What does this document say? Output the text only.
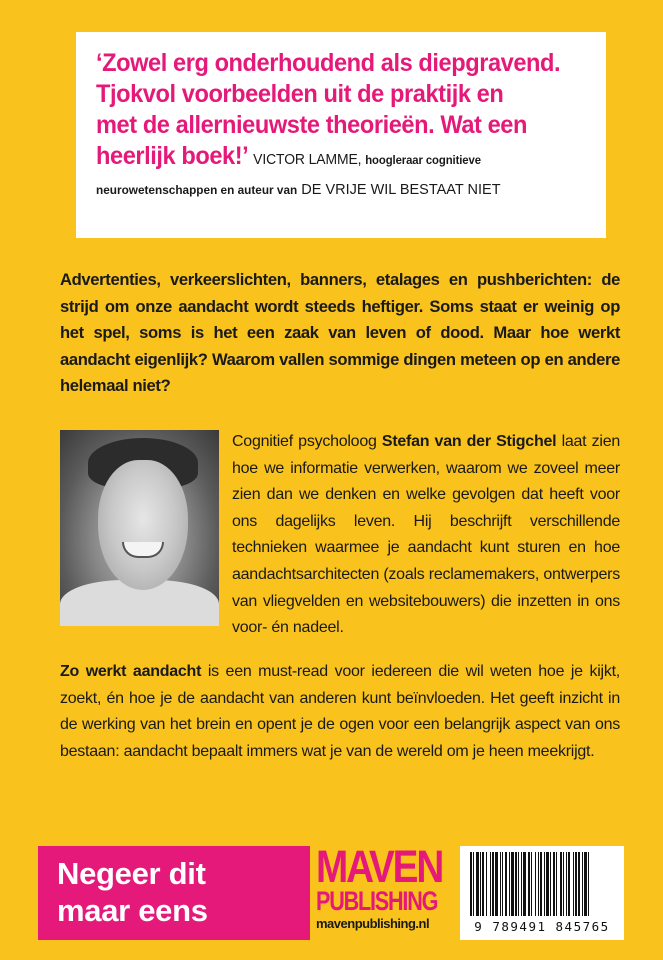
‘Zowel erg onderhoudend als diepgravend.
Tjokvol voorbeelden uit de praktijk en
met de allernieuwste theorieën. Wat een
heerlijk boek!’ VICTOR LAMME, hoogleraar cognitieve
neurowetenschappen en auteur van DE VRIJE WIL BESTAAT NIET

Advertenties, verkeerslichten, banners, etalages en pushberichten: de strijd om onze aandacht wordt steeds heftiger. Soms staat er weinig op het spel, soms is het een zaak van leven of dood. Maar hoe werkt aandacht eigenlijk? Waarom vallen sommige dingen meteen op en andere helemaal niet?

Cognitief psycholoog Stefan van der Stigchel laat zien hoe we informatie verwerken, waarom we zoveel meer zien dan we denken en welke gevolgen dat heeft voor ons dagelijks leven. Hij beschrijft verschillende technieken waarmee je aandacht kunt sturen en hoe aandachtsarchitecten (zoals reclamemakers, ontwerpers van vliegvelden en websitebouwers) die inzetten in ons voor- én nadeel.

Zo werkt aandacht is een must-read voor iedereen die wil weten hoe je kijkt, zoekt, én hoe je de aandacht van anderen kunt beïnvloeden. Het geeft inzicht in de werking van het brein en opent je de ogen voor een belangrijk aspect van ons bestaan: aandacht bepaalt immers wat je van de wereld om je heen meekrijgt.

Negeer dit
maar eens
MAVEN
PUBLISHING
mavenpublishing.nl	9 789491 845765
